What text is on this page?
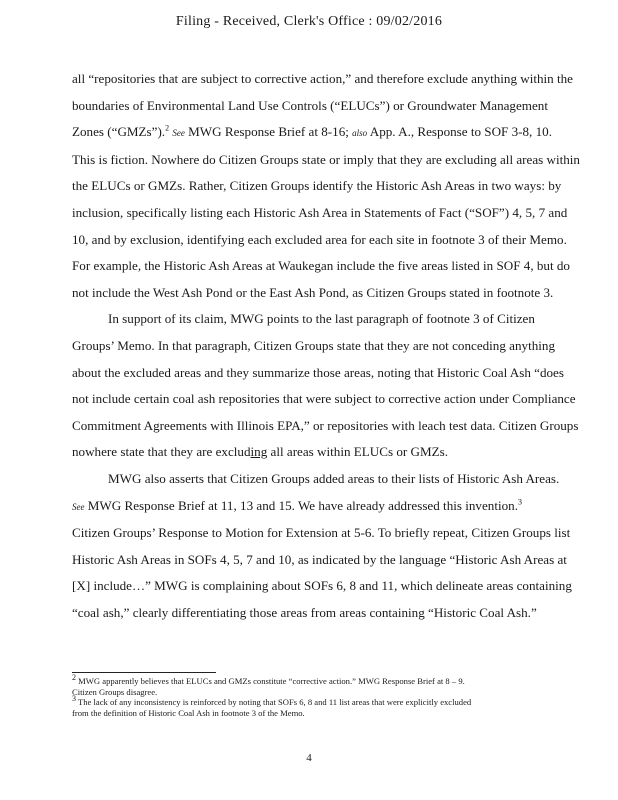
Filing - Received, Clerk's Office : 09/02/2016

all “repositories that are subject to corrective action,” and therefore exclude anything within the
boundaries of Environmental Land Use Controls (“ELUCs”) or Groundwater Management
Zones (“GMZs”).$^2$ See MWG Response Brief at 8-16; also App. A., Response to SOF 3-8, 10.
This is fiction. Nowhere do Citizen Groups state or imply that they are excluding all areas within
the ELUCs or GMZs. Rather, Citizen Groups identify the Historic Ash Areas in two ways: by
inclusion, specifically listing each Historic Ash Area in Statements of Fact (“SOF”) 4, 5, 7 and
10, and by exclusion, identifying each excluded area for each site in footnote 3 of their Memo.
For example, the Historic Ash Areas at Waukegan include the five areas listed in SOF 4, but do
not include the West Ash Pond or the East Ash Pond, as Citizen Groups stated in footnote 3.

In support of its claim, MWG points to the last paragraph of footnote 3 of Citizen
Groups’ Memo. In that paragraph, Citizen Groups state that they are not conceding anything
about the excluded areas and they summarize those areas, noting that Historic Coal Ash “does
not include certain coal ash repositories that were subject to corrective action under Compliance
Commitment Agreements with Illinois EPA,” or repositories with leach test data. Citizen Groups
nowhere state that they are excluding all areas within ELUCs or GMZs.

MWG also asserts that Citizen Groups added areas to their lists of Historic Ash Areas.
See MWG Response Brief at 11, 13 and 15. We have already addressed this invention.$^3$
Citizen Groups’ Response to Motion for Extension at 5-6. To briefly repeat, Citizen Groups list
Historic Ash Areas in SOFs 4, 5, 7 and 10, as indicated by the language “Historic Ash Areas at
[X] include…” MWG is complaining about SOFs 6, 8 and 11, which delineate areas containing
“coal ash,” clearly differentiating those areas from areas containing “Historic Coal Ash.”

$^2$ MWG apparently believes that ELUCs and GMZs constitute “corrective action.” MWG Response Brief at 8 – 9.
Citizen Groups disagree.
$^3$ The lack of any inconsistency is reinforced by noting that SOFs 6, 8 and 11 list areas that were explicitly excluded
from the definition of Historic Coal Ash in footnote 3 of the Memo.
4
